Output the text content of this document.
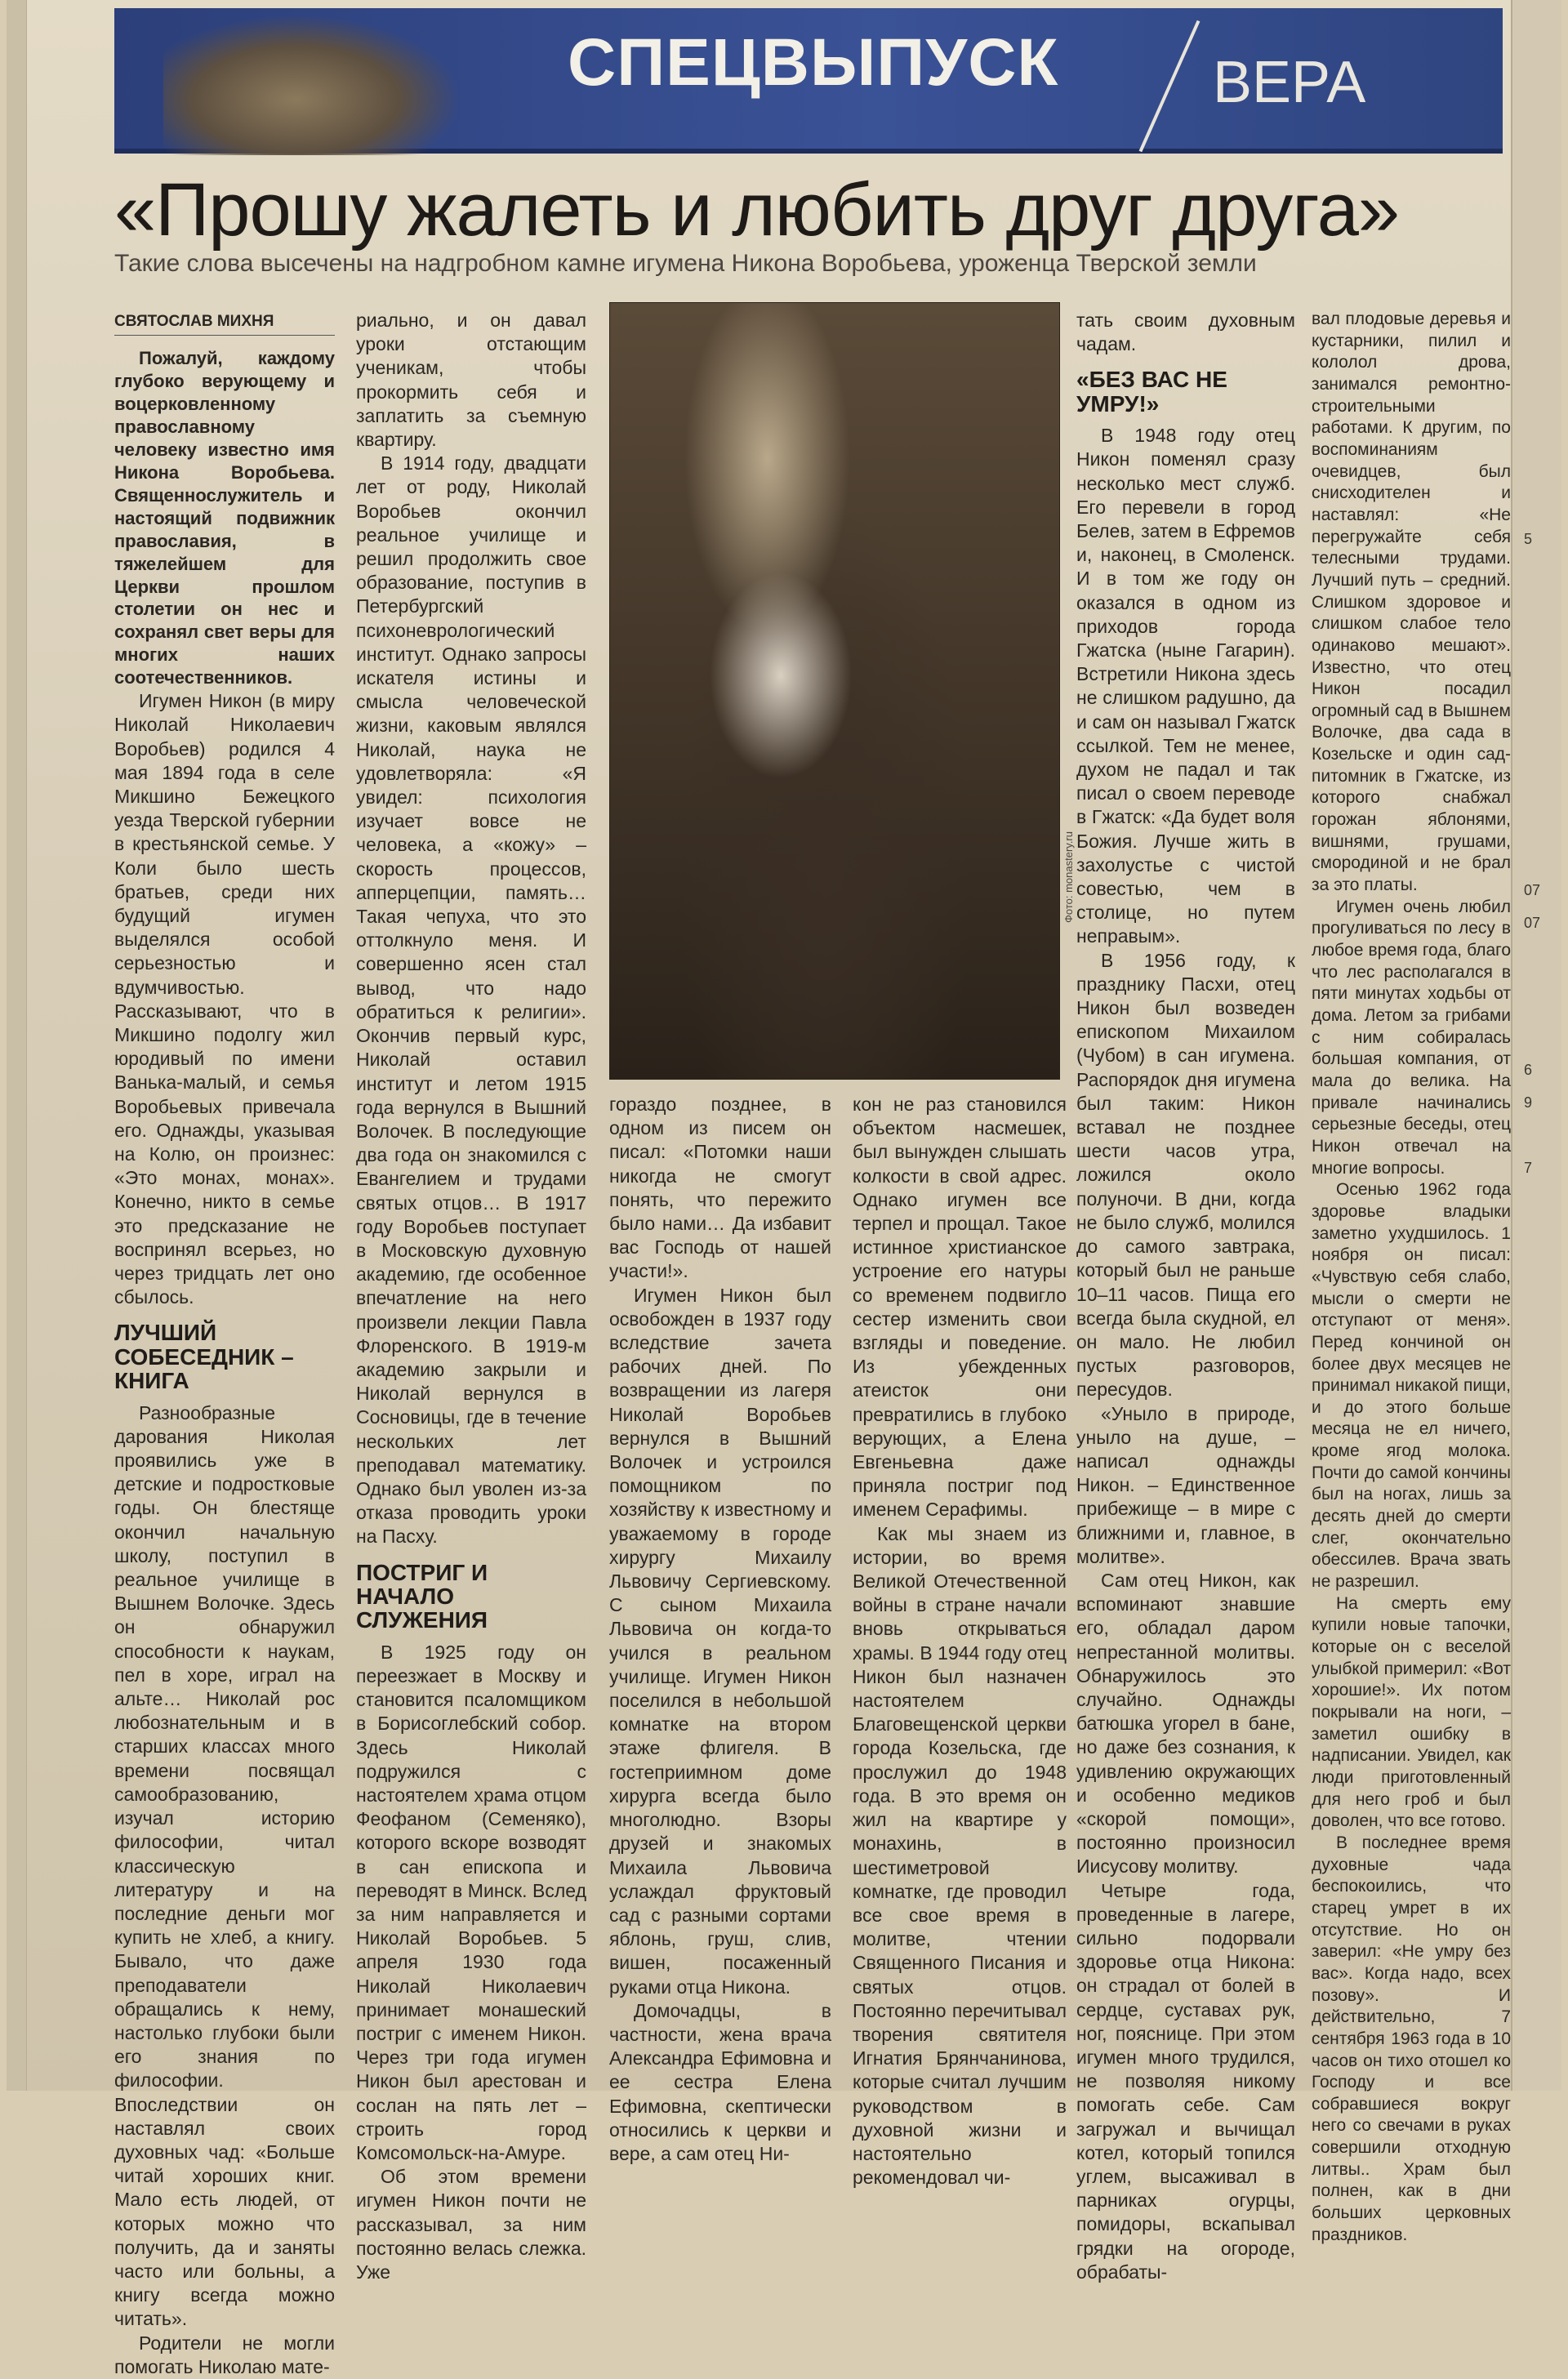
СПЕЦВЫПУСК	ВЕРА
«Прошу жалеть и любить друг друга»
Такие слова высечены на надгробном камне игумена Никона Воробьева, уроженца Тверской земли
СВЯТОСЛАВ МИХНЯ

Пожалуй, каждому глубоко верующему и воцерковленному православному человеку известно имя Никона Воробьева. Священнослужитель и настоящий подвижник православия, в тяжелейшем для Церкви прошлом столетии он нес и сохранял свет веры для многих наших соотечественников.

Игумен Никон (в миру Николай Николаевич Воробьев) родился 4 мая 1894 года в селе Микшино Бежецкого уезда Тверской губернии в крестьянской семье. У Коли было шесть братьев, среди них будущий игумен выделялся особой серьезностью и вдумчивостью. Рассказывают, что в Микшино подолгу жил юродивый по имени Ванька-малый, и семья Воробьевых привечала его. Однажды, указывая на Колю, он произнес: «Это монах, монах». Конечно, никто в семье это предсказание не воспринял всерьез, но через тридцать лет оно сбылось.

ЛУЧШИЙ СОБЕСЕДНИК – КНИГА

Разнообразные дарования Николая проявились уже в детские и подростковые годы. Он блестяще окончил начальную школу, поступил в реальное училище в Вышнем Волочке. Здесь он обнаружил способности к наукам, пел в хоре, играл на альте… Николай рос любознательным и в старших классах много времени посвящал самообразованию, изучал историю философии, читал классическую литературу и на последние деньги мог купить не хлеб, а книгу. Бывало, что даже преподаватели обращались к нему, настолько глубоки были его знания по философии. Впоследствии он наставлял своих духовных чад: «Больше читай хороших книг. Мало есть людей, от которых можно что получить, да и заняты часто или больны, а книгу всегда можно читать».

Родители не могли помогать Николаю мате-

риально, и он давал уроки отстающим ученикам, чтобы прокормить себя и заплатить за съемную квартиру.

В 1914 году, двадцати лет от роду, Николай Воробьев окончил реальное училище и решил продолжить свое образование, поступив в Петербургский психоневрологический институт. Однако запросы искателя истины и смысла человеческой жизни, каковым являлся Николай, наука не удовлетворяла: «Я увидел: психология изучает вовсе не человека, а «кожу» – скорость процессов, апперцепции, память… Такая чепуха, что это оттолкнуло меня. И совершенно ясен стал вывод, что надо обратиться к религии». Окончив первый курс, Николай оставил институт и летом 1915 года вернулся в Вышний Волочек. В последующие два года он знакомился с Евангелием и трудами святых отцов… В 1917 году Воробьев поступает в Московскую духовную академию, где особенное впечатление на него произвели лекции Павла Флоренского. В 1919-м академию закрыли и Николай вернулся в Сосновицы, где в течение нескольких лет преподавал математику. Однако был уволен из-за отказа проводить уроки на Пасху.

ПОСТРИГ И НАЧАЛО СЛУЖЕНИЯ

В 1925 году он переезжает в Москву и становится псаломщиком в Борисоглебский собор. Здесь Николай подружился с настоятелем храма отцом Феофаном (Семеняко), которого вскоре возводят в сан епископа и переводят в Минск. Вслед за ним направляется и Николай Воробьев. 5 апреля 1930 года Николай Николаевич принимает монашеский постриг с именем Никон. Через три года игумен Никон был арестован и сослан на пять лет – строить город Комсомольск-на-Амуре.

Об этом времени игумен Никон почти не рассказывал, за ним постоянно велась слежка. Уже

Фото: monastery.ru

гораздо позднее, в одном из писем он писал: «Потомки наши никогда не смогут понять, что пережито было нами… Да избавит вас Господь от нашей участи!».

Игумен Никон был освобожден в 1937 году вследствие зачета рабочих дней. По возвращении из лагеря Николай Воробьев вернулся в Вышний Волочек и устроился помощником по хозяйству к известному и уважаемому в городе хирургу Михаилу Львовичу Сергиевскому. С сыном Михаила Львовича он когда-то учился в реальном училище. Игумен Никон поселился в небольшой комнатке на втором этаже флигеля. В гостеприимном доме хирурга всегда было многолюдно. Взоры друзей и знакомых Михаила Львовича услаждал фруктовый сад с разными сортами яблонь, груш, слив, вишен, посаженный руками отца Никона.

Домочадцы, в частности, жена врача Александра Ефимовна и ее сестра Елена Ефимовна, скептически относились к церкви и вере, а сам отец Ни-

кон не раз становился объектом насмешек, был вынужден слышать колкости в свой адрес. Однако игумен все терпел и прощал. Такое истинное христианское устроение его натуры со временем подвигло сестер изменить свои взгляды и поведение. Из убежденных атеисток они превратились в глубоко верующих, а Елена Евгеньевна даже приняла постриг под именем Серафимы.

Как мы знаем из истории, во время Великой Отечественной войны в стране начали вновь открываться храмы. В 1944 году отец Никон был назначен настоятелем Благовещенской церкви города Козельска, где прослужил до 1948 года. В это время он жил на квартире у монахинь, в шестиметровой комнатке, где проводил все свое время в молитве, чтении Священного Писания и святых отцов. Постоянно перечитывал творения святителя Игнатия Брянчанинова, которые считал лучшим руководством в духовной жизни и настоятельно рекомендовал чи-

тать своим духовным чадам.

«БЕЗ ВАС НЕ УМРУ!»

В 1948 году отец Никон поменял сразу несколько мест служб. Его перевели в город Белев, затем в Ефремов и, наконец, в Смоленск. И в том же году он оказался в одном из приходов города Гжатска (ныне Гагарин). Встретили Никона здесь не слишком радушно, да и сам он называл Гжатск ссылкой. Тем не менее, духом не падал и так писал о своем переводе в Гжатск: «Да будет воля Божия. Лучше жить в захолустье с чистой совестью, чем в столице, но путем неправым».

В 1956 году, к празднику Пасхи, отец Никон был возведен епископом Михаилом (Чубом) в сан игумена. Распорядок дня игумена был таким: Никон вставал не позднее шести часов утра, ложился около полуночи. В дни, когда не было служб, молился до самого завтрака, который был не раньше 10–11 часов. Пища его всегда была скудной, ел он мало. Не любил пустых разговоров, пересудов.

«Уныло в природе, уныло на душе, – написал однажды Никон. – Единственное прибежище – в мире с ближними и, главное, в молитве».

Сам отец Никон, как вспоминают знавшие его, обладал даром непрестанной молитвы. Обнаружилось это случайно. Однажды батюшка угорел в бане, но даже без сознания, к удивлению окружающих и особенно медиков «скорой помощи», постоянно произносил Иисусову молитву.

Четыре года, проведенные в лагере, сильно подорвали здоровье отца Никона: он страдал от болей в сердце, суставах рук, ног, пояснице. При этом игумен много трудился, не позволяя никому помогать себе. Сам загружал и вычищал котел, который топился углем, высаживал в парниках огурцы, помидоры, вскапывал грядки на огороде, обрабаты-

вал плодовые деревья и кустарники, пилил и кололол дрова, занимался ремонтно-строительными работами. К другим, по воспоминаниям очевидцев, был снисходителен и наставлял: «Не перегружайте себя телесными трудами. Лучший путь – средний. Слишком здоровое и слишком слабое тело одинаково мешают». Известно, что отец Никон посадил огромный сад в Вышнем Волочке, два сада в Козельске и один сад-питомник в Гжатске, из которого снабжал горожан яблонями, вишнями, грушами, смородиной и не брал за это платы.

Игумен очень любил прогуливаться по лесу в любое время года, благо что лес располагался в пяти минутах ходьбы от дома. Летом за грибами с ним собиралась большая компания, от мала до велика. На привале начинались серьезные беседы, отец Никон отвечал на многие вопросы.

Осенью 1962 года здоровье владыки заметно ухудшилось. 1 ноября он писал: «Чувствую себя слабо, мысли о смерти не отступают от меня». Перед кончиной он более двух месяцев не принимал никакой пищи, и до этого больше месяца не ел ничего, кроме ягод молока. Почти до самой кончины был на ногах, лишь за десять дней до смерти слег, окончательно обессилев. Врача звать не разрешил.

На смерть ему купили новые тапочки, которые он с веселой улыбкой примерил: «Вот хорошие!». Их потом покрывали на ноги, – заметил ошибку в надписании. Увидел, как люди приготовленный для него гроб и был доволен, что все готово.

В последнее время духовные чада беспокоились, что старец умрет в их отсутствие. Но он заверил: «Не умру без вас». Когда надо, всех позову». И действительно, 7 сентября 1963 года в 10 часов он тихо отошел ко Господу и все собравшиеся вокруг него со свечами в руках совершили отходную литвы.. Храм был полнен, как в дни больших церковных праздников.

5
9
07
07
6
7
